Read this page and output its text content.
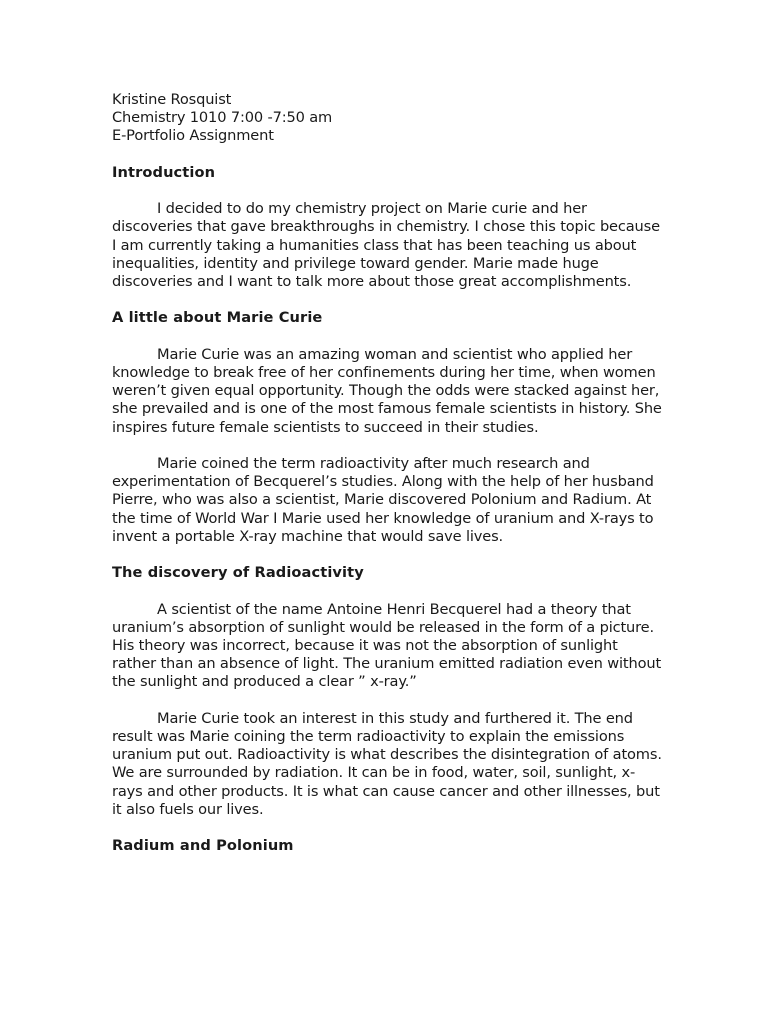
Kristine Rosquist

Chemistry 1010 7:00 -7:50 am

E-Portfolio Assignment

Introduction

I decided to do my chemistry project on Marie curie and her discoveries that gave breakthroughs in chemistry. I chose this topic because I am currently taking a humanities class that has been teaching us about inequalities, identity and privilege toward gender. Marie made huge discoveries and I want to talk more about those great accomplishments.

A little about Marie Curie

Marie Curie was an amazing woman and scientist who applied her knowledge to break free of her confinements during her time, when women weren’t given equal opportunity. Though the odds were stacked against her, she prevailed and is one of the most famous female scientists in history. She inspires future female scientists to succeed in their studies.

Marie coined the term radioactivity after much research and experimentation of Becquerel’s studies. Along with the help of her husband Pierre, who was also a scientist, Marie discovered Polonium and Radium. At the time of World War I Marie used her knowledge of uranium and X-rays to invent a portable X-ray machine that would save lives.

The discovery of Radioactivity

A scientist of the name Antoine Henri Becquerel had a theory that uranium’s absorption of sunlight would be released in the form of a picture. His theory was incorrect, because it was not the absorption of sunlight rather than an absence of light. The uranium emitted radiation even without the sunlight and produced a clear ” x-ray.”

Marie Curie took an interest in this study and furthered it. The end result was Marie coining the term radioactivity to explain the emissions uranium put out. Radioactivity is what describes the disintegration of atoms. We are surrounded by radiation. It can be in food, water, soil, sunlight, x-rays and other products. It is what can cause cancer and other illnesses, but it also fuels our lives.

Radium and Polonium
